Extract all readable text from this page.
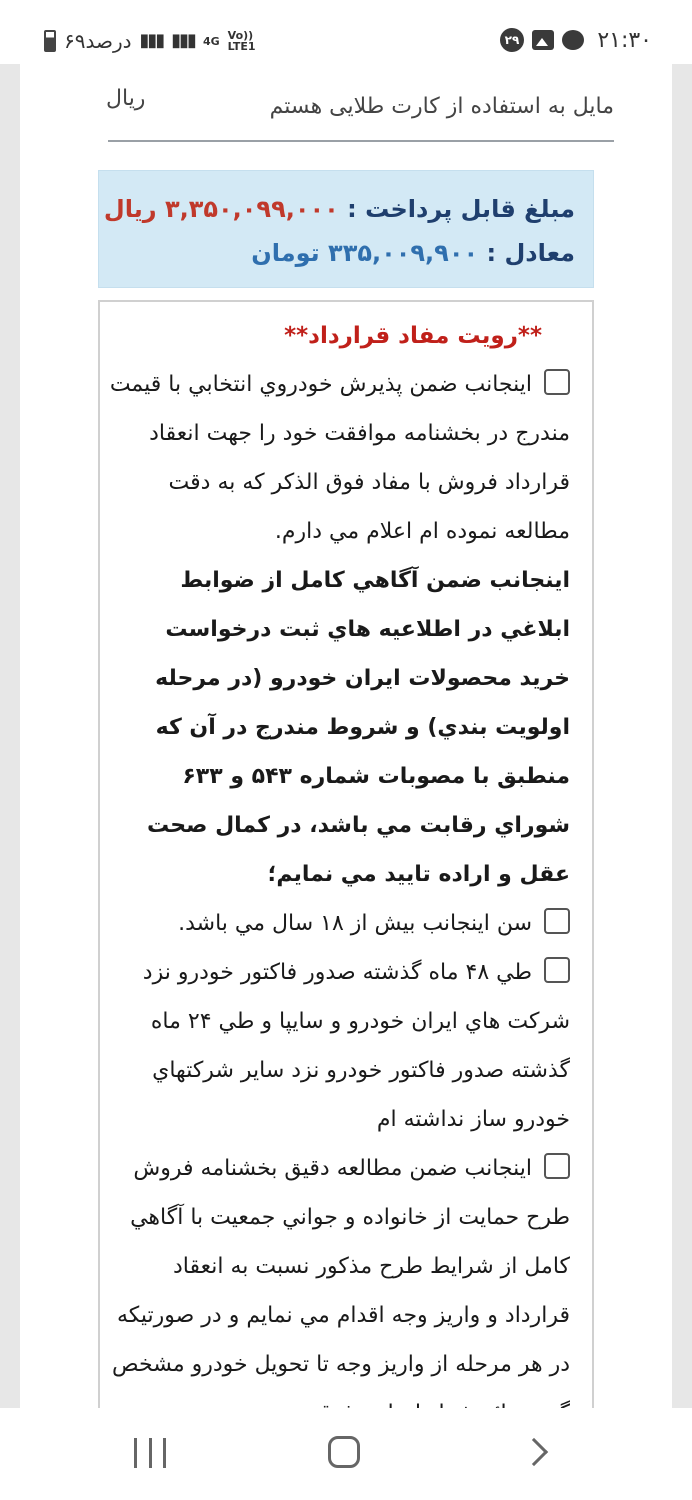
۲۱:۳۰
۲۹
۶۹درصد ▮▮▮ ▮▮▮ 4G Vo)) LTE1
مایل به استفاده از کارت طلایی هستم
ریال
مبلغ قابل پرداخت : ۳,۳۵۰,۰۹۹,۰۰۰ ریال
معادل : ۳۳۵,۰۰۹,۹۰۰ تومان
**رویت مفاد قرارداد**
اينجانب ضمن پذيرش خودروي انتخابي با قيمت مندرج در بخشنامه موافقت خود را جهت انعقاد قرارداد فروش با مفاد فوق الذكر كه به دقت مطالعه نموده ام اعلام مي دارم.
اينجانب ضمن آگاهي كامل از ضوابط ابلاغي در اطلاعيه هاي ثبت درخواست خريد محصولات ايران خودرو (در مرحله اولويت بندي) و شروط مندرج در آن كه منطبق با مصوبات شماره ۵۴۳ و ۶۳۳ شوراي رقابت مي باشد، در كمال صحت عقل و اراده تاييد مي نمايم؛
سن اينجانب بيش از ۱۸ سال مي باشد.
طي ۴۸ ماه گذشته صدور فاكتور خودرو نزد شركت هاي ايران خودرو و سايپا و طي ۲۴ ماه گذشته صدور فاكتور خودرو نزد ساير شركتهاي خودرو ساز نداشته ام
اينجانب ضمن مطالعه دقيق بخشنامه فروش طرح حمايت از خانواده و جواني جمعيت با آگاهي كامل از شرايط طرح مذكور نسبت به انعقاد قرارداد و واريز وجه اقدام مي نمايم و در صورتيكه در هر مرحله از واريز وجه تا تحويل خودرو مشخص
